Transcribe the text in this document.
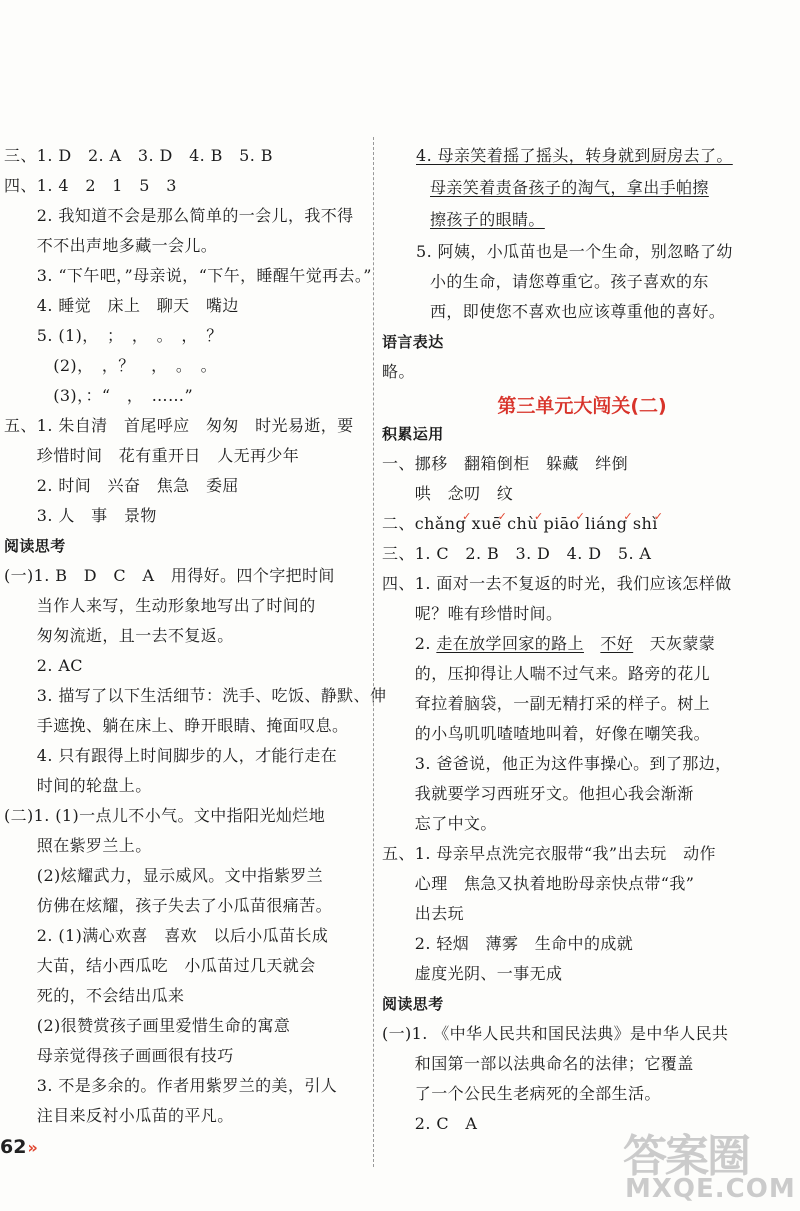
三、1. D　2. A　3. D　4. B　5. B
四、1. 4　2　1　5　3
　　2. 我知道不会是那么简单的一会儿，我不得
　　不不出声地多藏一会儿。
　　3. “下午吧，”母亲说，“下午，睡醒午觉再去。”
　　4. 睡觉　床上　聊天　嘴边
　　5. (1)，　；　，　。　，　？
　　　(2)，　，？　，　。　。
　　　(3)，：“　，　……”
五、1. 朱自清　首尾呼应　匆匆　时光易逝，要
　　珍惜时间　花有重开日　人无再少年
　　2. 时间　兴奋　焦急　委屈
　　3. 人　事　景物
阅读思考
(一)1. B　D　C　A　用得好。四个字把时间
　　当作人来写，生动形象地写出了时间的
　　匆匆流逝，且一去不复返。
　　2. AC
　　3. 描写了以下生活细节：洗手、吃饭、静默、伸
　　手遮挽、躺在床上、睁开眼睛、掩面叹息。
　　4. 只有跟得上时间脚步的人，才能行走在
　　时间的轮盘上。
(二)1. (1)一点儿不小气。文中指阳光灿烂地
　　照在紫罗兰上。
　　(2)炫耀武力，显示威风。文中指紫罗兰
　　仿佛在炫耀，孩子失去了小瓜苗很痛苦。
　　2. (1)满心欢喜　喜欢　以后小瓜苗长成
　　大苗，结小西瓜吃　小瓜苗过几天就会
　　死的，不会结出瓜来
　　(2)很赞赏孩子画里爱惜生命的寓意
　　母亲觉得孩子画画很有技巧
　　3. 不是多余的。作者用紫罗兰的美，引人
　　注目来反衬小瓜苗的平凡。
4. 母亲笑着摇了摇头，转身就到厨房去了。
母亲笑着责备孩子的淘气，拿出手帕擦
擦孩子的眼睛。
5. 阿姨，小瓜苗也是一个生命，别忽略了幼
小的生命，请您尊重它。孩子喜欢的东
西，即使您不喜欢也应该尊重他的喜好。
语言表达
略。
第三单元大闯关(二)
积累运用
一、挪移　翻箱倒柜　躲藏　绊倒
　　哄　念叨　纹
二、chǎng✓ xuē✓ chù✓ piāo✓ liáng✓ shì✓
三、1. C　2. B　3. D　4. D　5. A
四、1. 面对一去不复返的时光，我们应该怎样做
　　呢？唯有珍惜时间。
　　2. 走在放学回家的路上　 不好　天灰蒙蒙
　　的，压抑得让人喘不过气来。路旁的花儿
　　耷拉着脑袋，一副无精打采的样子。树上
　　的小鸟叽叽喳喳地叫着，好像在嘲笑我。
　　3. 爸爸说，他正为这件事操心。到了那边，
　　我就要学习西班牙文。他担心我会渐渐
　　忘了中文。
五、1. 母亲早点洗完衣服带“我”出去玩　动作
　　心理　焦急又执着地盼母亲快点带“我”
　　出去玩
　　2. 轻烟　薄雾　生命中的成就
　　虚度光阴、一事无成
阅读思考
(一)1. 《中华人民共和国民法典》是中华人民共
　　和国第一部以法典命名的法律；它覆盖
　　了一个公民生老病死的全部生活。
　　2. C　A
62»	答案圈
MXQE.COM
